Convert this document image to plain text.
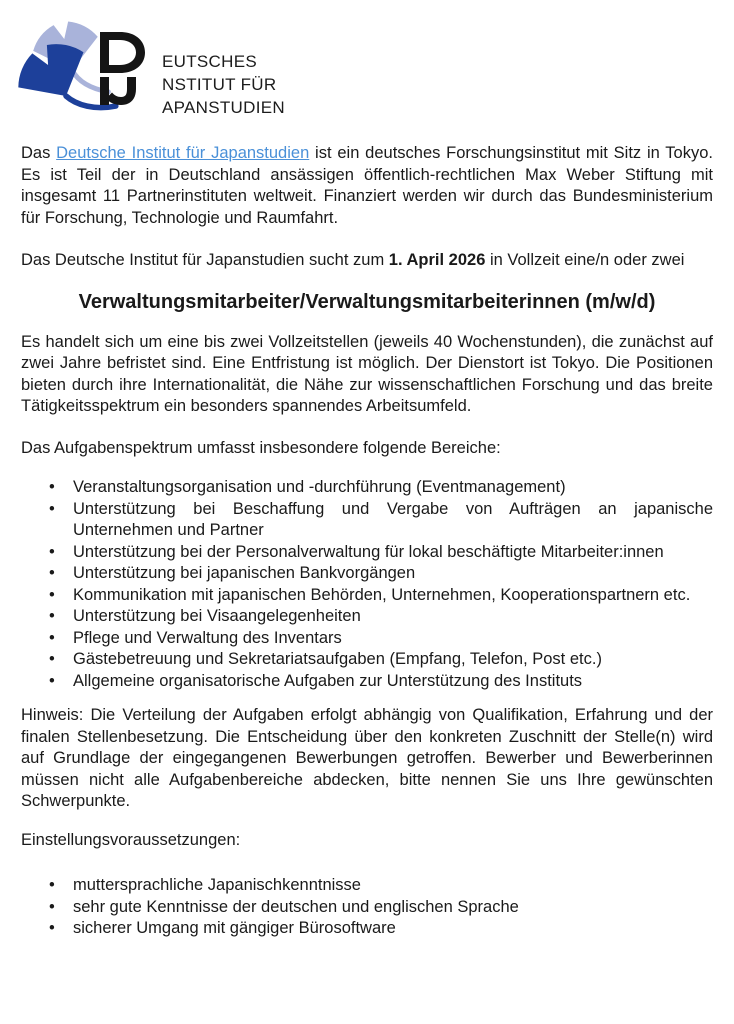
EUTSCHES
NSTITUT FÜR
APANSTUDIEN

Das Deutsche Institut für Japanstudien ist ein deutsches Forschungsinstitut mit Sitz in Tokyo. Es ist Teil der in Deutschland ansässigen öffentlich-rechtlichen Max Weber Stiftung mit insgesamt 11 Partnerinstituten weltweit. Finanziert werden wir durch das Bundesministerium für Forschung, Technologie und Raumfahrt.

Das Deutsche Institut für Japanstudien sucht zum 1. April 2026 in Vollzeit eine/n oder zwei

Verwaltungsmitarbeiter/Verwaltungsmitarbeiterinnen (m/w/d)

Es handelt sich um eine bis zwei Vollzeitstellen (jeweils 40 Wochenstunden), die zunächst auf zwei Jahre befristet sind. Eine Entfristung ist möglich. Der Dienstort ist Tokyo. Die Positionen bieten durch ihre Internationalität, die Nähe zur wissenschaftlichen Forschung und das breite Tätigkeitsspektrum ein besonders spannendes Arbeitsumfeld.

Das Aufgabenspektrum umfasst insbesondere folgende Bereiche:

• Veranstaltungsorganisation und -durchführung (Eventmanagement)
• Unterstützung bei Beschaffung und Vergabe von Aufträgen an japanische Unternehmen und Partner
• Unterstützung bei der Personalverwaltung für lokal beschäftigte Mitarbeiter:innen
• Unterstützung bei japanischen Bankvorgängen
• Kommunikation mit japanischen Behörden, Unternehmen, Kooperationspartnern etc.
• Unterstützung bei Visaangelegenheiten
• Pflege und Verwaltung des Inventars
• Gästebetreuung und Sekretariatsaufgaben (Empfang, Telefon, Post etc.)
• Allgemeine organisatorische Aufgaben zur Unterstützung des Instituts

Hinweis: Die Verteilung der Aufgaben erfolgt abhängig von Qualifikation, Erfahrung und der finalen Stellenbesetzung. Die Entscheidung über den konkreten Zuschnitt der Stelle(n) wird auf Grundlage der eingegangenen Bewerbungen getroffen. Bewerber und Bewerberinnen müssen nicht alle Aufgabenbereiche abdecken, bitte nennen Sie uns Ihre gewünschten Schwerpunkte.

Einstellungsvoraussetzungen:

• muttersprachliche Japanischkenntnisse
• sehr gute Kenntnisse der deutschen und englischen Sprache
• sicherer Umgang mit gängiger Bürosoftware
